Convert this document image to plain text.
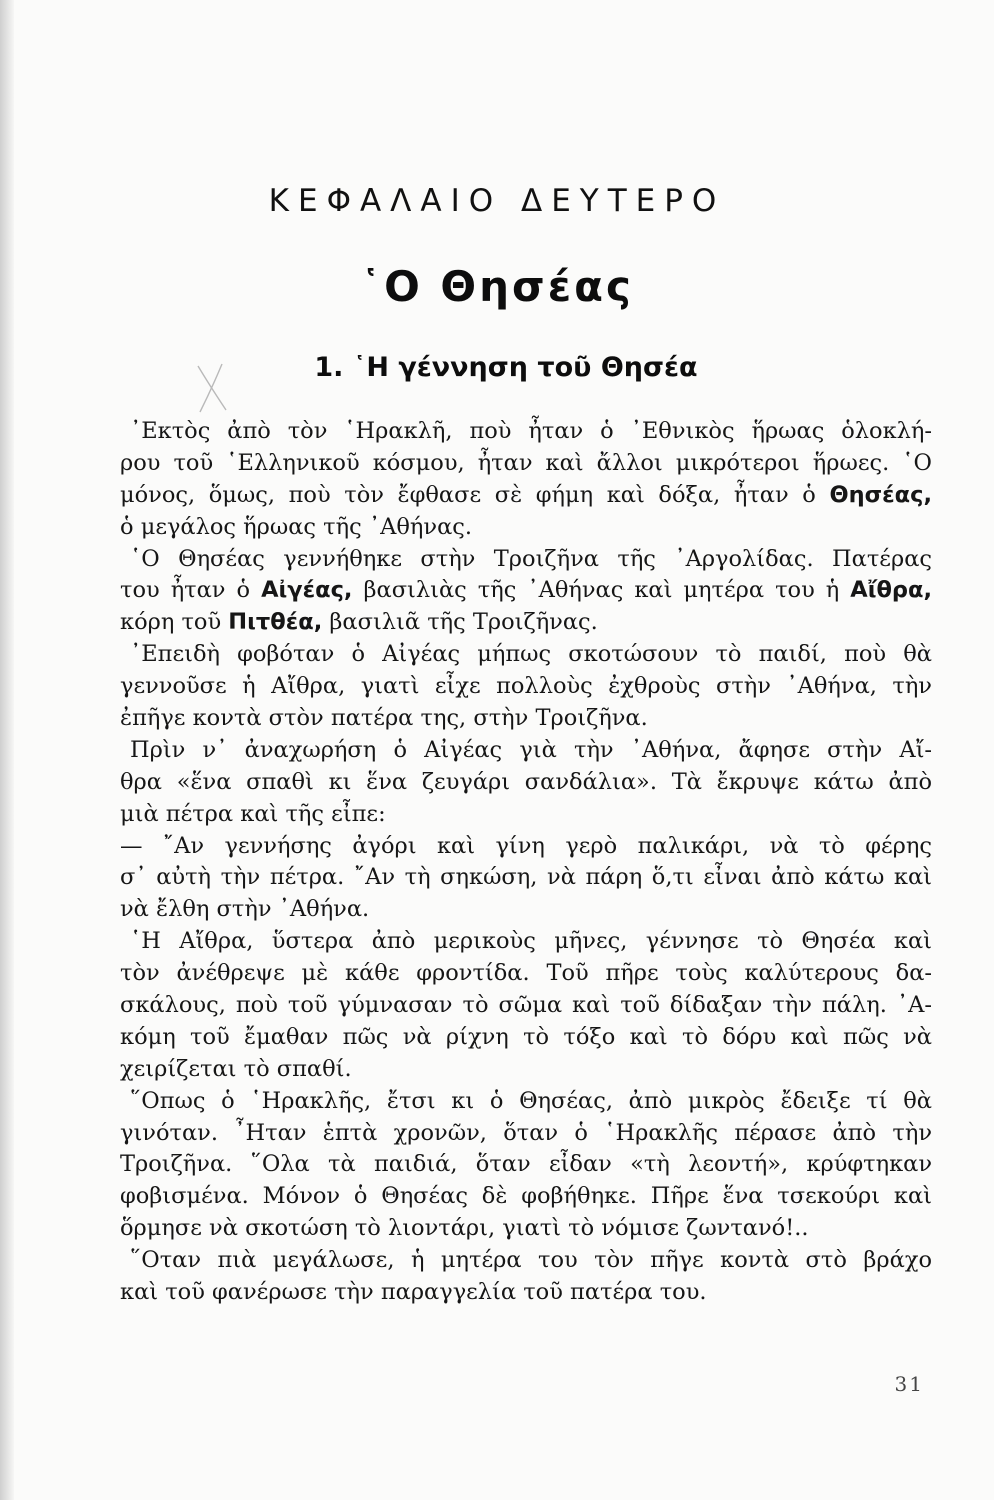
ΚΕΦΑΛΑΙΟ ΔΕΥΤΕΡΟ
῾Ο Θησέας
1. ῾Η γέννηση τοῦ Θησέα
᾿Εκτὸς ἀπὸ τὸν ῾Ηρακλῆ, ποὺ ἦταν ὁ ᾿Εθνικὸς ἥρωας ὁλοκλή-
ρου τοῦ ῾Ελληνικοῦ κόσμου, ἦταν καὶ ἄλλοι μικρότεροι ἥρωες. ῾Ο
μόνος, ὅμως, ποὺ τὸν ἔφθασε σὲ φήμη καὶ δόξα, ἦταν ὁ Θησέας,
ὁ μεγάλος ἥρωας τῆς ᾿Αθήνας.
῾Ο Θησέας γεννήθηκε στὴν Τροιζῆνα τῆς ᾿Αργολίδας. Πατέρας
του ἦταν ὁ Αἰγέας, βασιλιὰς τῆς ᾿Αθήνας καὶ μητέρα του ἡ Αἴθρα,
κόρη τοῦ Πιτθέα, βασιλιᾶ τῆς Τροιζῆνας.
᾿Επειδὴ φοβόταν ὁ Αἰγέας μήπως σκοτώσουν τὸ παιδί, ποὺ θὰ
γεννοῦσε ἡ Αἴθρα, γιατὶ εἶχε πολλοὺς ἐχθροὺς στὴν ᾿Αθήνα, τὴν
ἐπῆγε κοντὰ στὸν πατέρα της, στὴν Τροιζῆνα.
Πρὶν ν᾿ ἀναχωρήση ὁ Αἰγέας γιὰ τὴν ᾿Αθήνα, ἄφησε στὴν Αἴ-
θρα «ἕνα σπαθὶ κι ἕνα ζευγάρι σανδάλια». Τὰ ἔκρυψε κάτω ἀπὸ
μιὰ πέτρα καὶ τῆς εἶπε:
— ῎Αν γεννήσης ἀγόρι καὶ γίνη γερὸ παλικάρι, νὰ τὸ φέρης
σ᾿ αὐτὴ τὴν πέτρα. ῎Αν τὴ σηκώση, νὰ πάρη ὅ,τι εἶναι ἀπὸ κάτω καὶ
νὰ ἔλθη στὴν ᾿Αθήνα.
῾Η Αἴθρα, ὕστερα ἀπὸ μερικοὺς μῆνες, γέννησε τὸ Θησέα καὶ
τὸν ἀνέθρεψε μὲ κάθε φροντίδα. Τοῦ πῆρε τοὺς καλύτερους δα-
σκάλους, ποὺ τοῦ γύμνασαν τὸ σῶμα καὶ τοῦ δίδαξαν τὴν πάλη. ᾿Α-
κόμη τοῦ ἔμαθαν πῶς νὰ ρίχνη τὸ τόξο καὶ τὸ δόρυ καὶ πῶς νὰ
χειρίζεται τὸ σπαθί.
῞Οπως ὁ ῾Ηρακλῆς, ἔτσι κι ὁ Θησέας, ἀπὸ μικρὸς ἔδειξε τί θὰ
γινόταν. ῏Ηταν ἑπτὰ χρονῶν, ὅταν ὁ ῾Ηρακλῆς πέρασε ἀπὸ τὴν
Τροιζῆνα. ῞Ολα τὰ παιδιά, ὅταν εἶδαν «τὴ λεοντή», κρύφτηκαν
φοβισμένα. Μόνον ὁ Θησέας δὲ φοβήθηκε. Πῆρε ἕνα τσεκούρι καὶ
ὅρμησε νὰ σκοτώση τὸ λιοντάρι, γιατὶ τὸ νόμισε ζωντανό!..
῞Οταν πιὰ μεγάλωσε, ἡ μητέρα του τὸν πῆγε κοντὰ στὸ βράχο
καὶ τοῦ φανέρωσε τὴν παραγγελία τοῦ πατέρα του.
31
